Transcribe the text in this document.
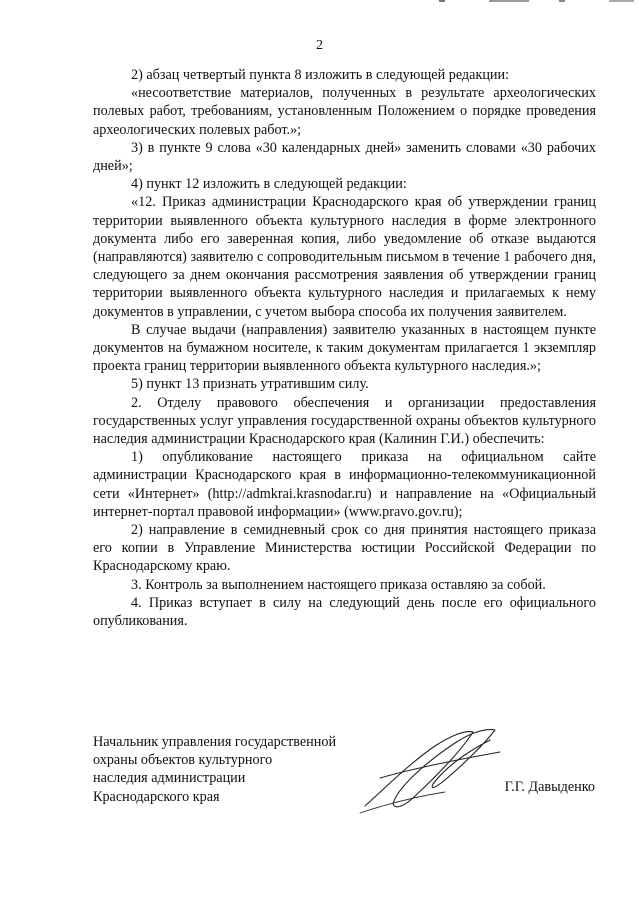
2

2) абзац четвертый пункта 8 изложить в следующей редакции:

«несоответствие материалов, полученных в результате археологических полевых работ, требованиям, установленным Положением о порядке проведения археологических полевых работ.»;

3) в пункте 9 слова «30 календарных дней» заменить словами «30 рабочих дней»;

4) пункт 12 изложить в следующей редакции:

«12. Приказ администрации Краснодарского края об утверждении границ территории выявленного объекта культурного наследия в форме электронного документа либо его заверенная копия, либо уведомление об отказе выдаются (направляются) заявителю с сопроводительным письмом в течение 1 рабочего дня, следующего за днем окончания рассмотрения заявления об утверждении границ территории выявленного объекта культурного наследия и прилагаемых к нему документов в управлении, с учетом выбора способа их получения заявителем.

В случае выдачи (направления) заявителю указанных в настоящем пункте документов на бумажном носителе, к таким документам прилагается 1 экземпляр проекта границ территории выявленного объекта культурного наследия.»;

5) пункт 13 признать утратившим силу.

2. Отделу правового обеспечения и организации предоставления государственных услуг управления государственной охраны объектов культурного наследия администрации Краснодарского края (Калинин Г.И.) обеспечить:

1) опубликование настоящего приказа на официальном сайте администрации Краснодарского края в информационно-телекоммуникационной сети «Интернет» (http://admkrai.krasnodar.ru) и направление на «Официальный интернет-портал правовой информации» (www.pravo.gov.ru);

2) направление в семидневный срок со дня принятия настоящего приказа его копии в Управление Министерства юстиции Российской Федерации по Краснодарскому краю.

3. Контроль за выполнением настоящего приказа оставляю за собой.

4. Приказ вступает в силу на следующий день после его официального опубликования.

Начальник управления государственной
охраны объектов культурного
наследия администрации
Краснодарского края
Г.Г. Давыденко
